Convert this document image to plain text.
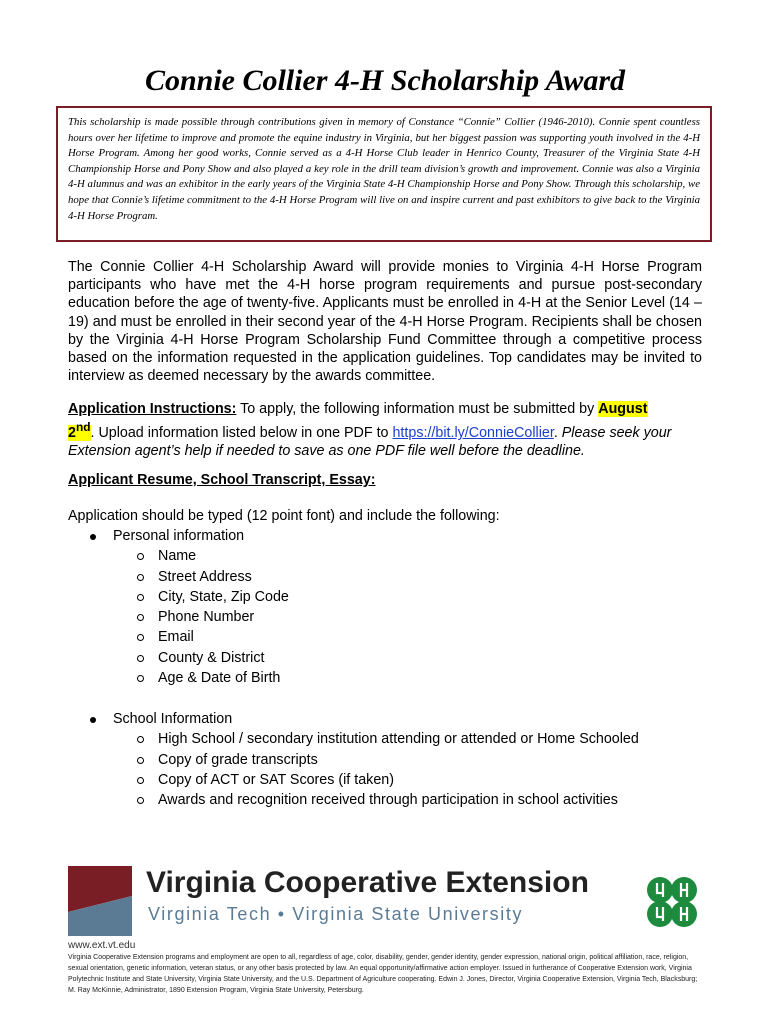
Connie Collier 4-H Scholarship Award
This scholarship is made possible through contributions given in memory of Constance “Connie” Collier (1946-2010). Connie spent countless hours over her lifetime to improve and promote the equine industry in Virginia, but her biggest passion was supporting youth involved in the 4-H Horse Program. Among her good works, Connie served as a 4-H Horse Club leader in Henrico County, Treasurer of the Virginia State 4-H Championship Horse and Pony Show and also played a key role in the drill team division’s growth and improvement. Connie was also a Virginia 4-H alumnus and was an exhibitor in the early years of the Virginia State 4-H Championship Horse and Pony Show. Through this scholarship, we hope that Connie’s lifetime commitment to the 4-H Horse Program will live on and inspire current and past exhibitors to give back to the Virginia 4-H Horse Program.

The Connie Collier 4-H Scholarship Award will provide monies to Virginia 4-H Horse Program participants who have met the 4-H horse program requirements and pursue post-secondary education before the age of twenty-five. Applicants must be enrolled in 4-H at the Senior Level (14 – 19) and must be enrolled in their second year of the 4-H Horse Program. Recipients shall be chosen by the Virginia 4-H Horse Program Scholarship Fund Committee through a competitive process based on the information requested in the application guidelines. Top candidates may be invited to interview as deemed necessary by the awards committee.

Application Instructions: To apply, the following information must be submitted by August
2nd. Upload information listed below in one PDF to https://bit.ly/ConnieCollier. Please seek your Extension agent’s help if needed to save as one PDF file well before the deadline.

Applicant Resume, School Transcript, Essay:

Application should be typed (12 point font) and include the following:

Personal information
Name
Street Address
City, State, Zip Code
Phone Number
Email
County & District
Age & Date of Birth
School Information
High School / secondary institution attending or attended or Home Schooled
Copy of grade transcripts
Copy of ACT or SAT Scores (if taken)
Awards and recognition received through participation in school activities
Virginia Cooperative Extension
Virginia Tech • Virginia State University

www.ext.vt.edu
Virginia Cooperative Extension programs and employment are open to all, regardless of age, color, disability, gender, gender identity, gender expression, national origin, political affiliation, race, religion, sexual orientation, genetic information, veteran status, or any other basis protected by law. An equal opportunity/affirmative action employer. Issued in furtherance of Cooperative Extension work, Virginia Polytechnic Institute and State University, Virginia State University, and the U.S. Department of Agriculture cooperating. Edwin J. Jones, Director, Virginia Cooperative Extension, Virginia Tech, Blacksburg; M. Ray McKinnie, Administrator, 1890 Extension Program, Virginia State University, Petersburg.
